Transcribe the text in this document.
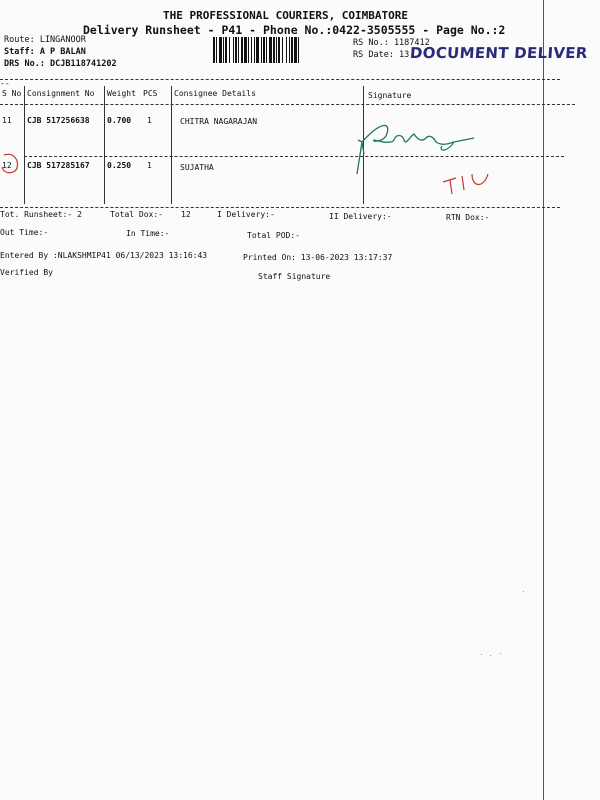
THE PROFESSIONAL COURIERS, COIMBATORE
Delivery Runsheet - P41 - Phone No.:0422-3505555 - Page No.:2
Route: LINGANOOR
Staff: A P BALAN
DRS No.: DCJB118741202
RS No.: 1187412
RS Date: 13 DOCUMENT DELIVER
--
S No Consignment No Weight PCS Consignee Details	Signature
11 CJB 517256638 0.700 1	CHITRA NAGARAJAN
12 CJB 517285167 0.250 1	SUJATHA
Tot. Runsheet:- 2	Total Dox:- 12	I Delivery:-	II Delivery:-	RTN Dox:-
Out Time:-	In Time:-	Total POD:-
Entered By :NLAKSHMIP41 06/13/2023 13:16:43	Printed On: 13-06-2023 13:17:37
Verified By	Staff Signature
